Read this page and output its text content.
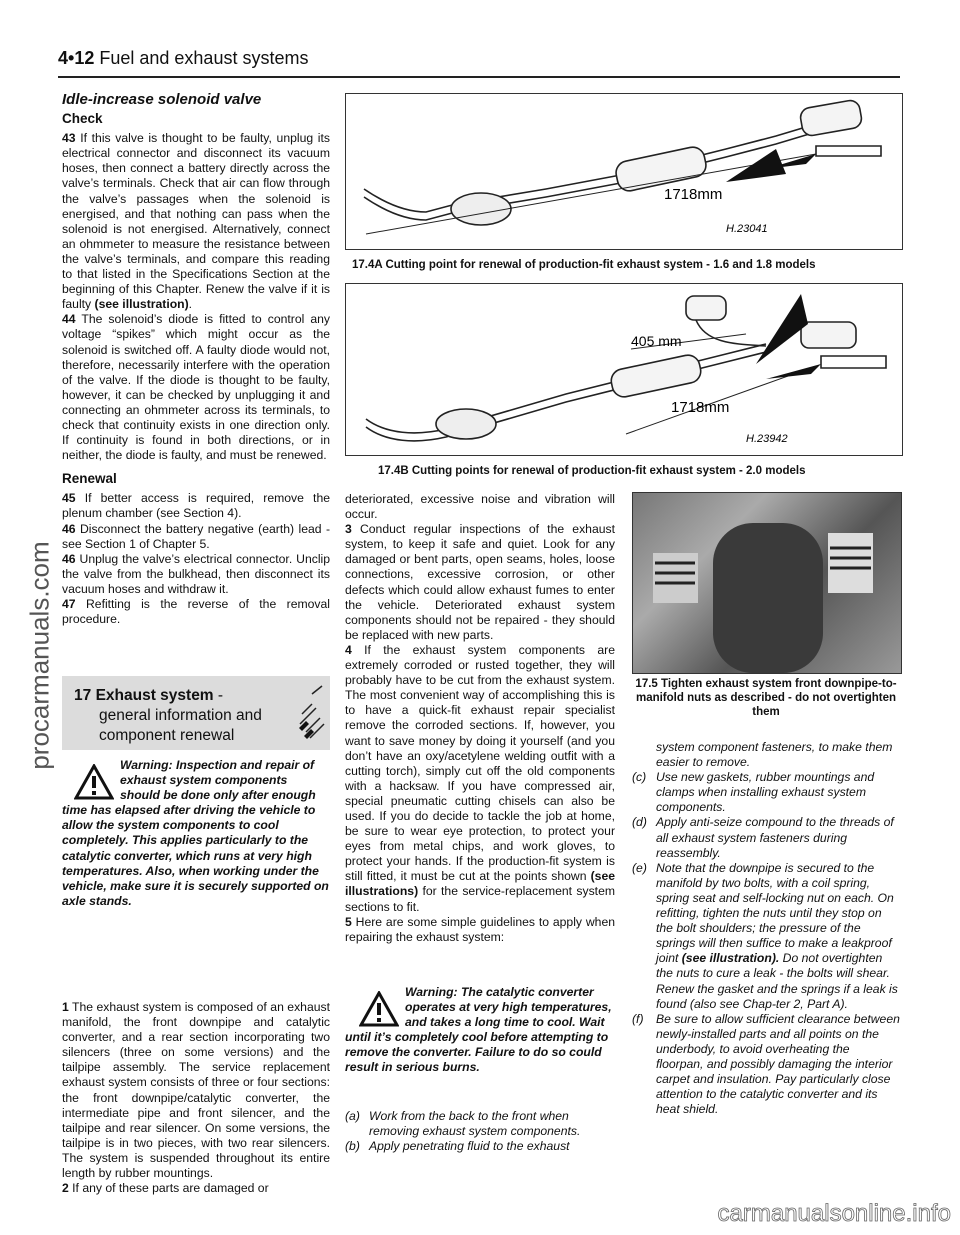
4•12 Fuel and exhaust systems
Idle-increase solenoid valve
Check

43 If this valve is thought to be faulty, unplug its electrical connector and disconnect its vacuum hoses, then connect a battery directly across the valve’s terminals. Check that air can flow through the valve’s passages when the solenoid is energised, and that nothing can pass when the solenoid is not energised. Alternatively, connect an ohmmeter to measure the resistance between the valve’s terminals, and compare this reading to that listed in the Specifications Section at the beginning of this Chapter. Renew the valve if it is faulty (see illustration).

44 The solenoid’s diode is fitted to control any voltage “spikes” which might occur as the solenoid is switched off. A faulty diode would not, therefore, necessarily interfere with the operation of the valve. If the diode is thought to be faulty, however, it can be checked by unplugging it and connecting an ohmmeter across its terminals, to check that continuity exists in one direction only. If continuity is found in both directions, or in neither, the diode is faulty, and must be renewed.

Renewal

45 If better access is required, remove the plenum chamber (see Section 4).

46 Disconnect the battery negative (earth) lead - see Section 1 of Chapter 5.

46 Unplug the valve’s electrical connector. Unclip the valve from the bulkhead, then disconnect its vacuum hoses and withdraw it.

47 Refitting is the reverse of the removal procedure.

17 Exhaust system -
general information and
component renewal
Warning: Inspection and repair of exhaust system components should be done only after enough time has elapsed after driving the vehicle to allow the system components to cool completely. This applies particularly to the catalytic converter, which runs at very high temperatures. Also, when working under the vehicle, make sure it is securely supported on axle stands.

1 The exhaust system is composed of an exhaust manifold, the front downpipe and catalytic converter, and a rear section incorporating two silencers (three on some versions) and the tailpipe assembly. The service replacement exhaust system consists of three or four sections: the front downpipe/catalytic converter, the intermediate pipe and front silencer, and the tailpipe and rear silencer. On some versions, the tailpipe is in two pieces, with two rear silencers. The system is suspended throughout its entire length by rubber mountings.

2 If any of these parts are damaged or

1718mm
H.23041
17.4A Cutting point for renewal of production-fit exhaust system - 1.6 and 1.8 models
405 mm
1718mm
H.23942
17.4B Cutting points for renewal of production-fit exhaust system - 2.0 models

deteriorated, excessive noise and vibration will occur.

3 Conduct regular inspections of the exhaust system, to keep it safe and quiet. Look for any damaged or bent parts, open seams, holes, loose connections, excessive corrosion, or other defects which could allow exhaust fumes to enter the vehicle. Deteriorated exhaust system components should not be repaired - they should be replaced with new parts.

4 If the exhaust system components are extremely corroded or rusted together, they will probably have to be cut from the exhaust system. The most convenient way of accomplishing this is to have a quick-fit exhaust repair specialist remove the corroded sections. If, however, you want to save money by doing it yourself (and you don’t have an oxy/acetylene welding outfit with a cutting torch), simply cut off the old components with a hacksaw. If you have compressed air, special pneumatic cutting chisels can also be used. If you do decide to tackle the job at home, be sure to wear eye protection, to protect your eyes from metal chips, and work gloves, to protect your hands. If the production-fit system is still fitted, it must be cut at the points shown (see illustrations) for the service-replacement system sections to fit.

5 Here are some simple guidelines to apply when repairing the exhaust system:

Warning: The catalytic converter operates at very high temperatures, and takes a long time to cool. Wait until it’s completely cool before attempting to remove the converter. Failure to do so could result in serious burns.
(a) Work from the back to the front when removing exhaust system components.
(b) Apply penetrating fluid to the exhaust
17.5 Tighten exhaust system front downpipe-to-manifold nuts as described - do not overtighten them
system component fasteners, to make them easier to remove.
(c) Use new gaskets, rubber mountings and clamps when installing exhaust system components.
(d) Apply anti-seize compound to the threads of all exhaust system fasteners during reassembly.
(e) Note that the downpipe is secured to the manifold by two bolts, with a coil spring, spring seat and self-locking nut on each. On refitting, tighten the nuts until they stop on the bolt shoulders; the pressure of the springs will then suffice to make a leakproof joint (see illustration). Do not overtighten the nuts to cure a leak - the bolts will shear. Renew the gasket and the springs if a leak is found (also see Chap-ter 2, Part A).
(f) Be sure to allow sufficient clearance between newly-installed parts and all points on the underbody, to avoid overheating the floorpan, and possibly damaging the interior carpet and insulation. Pay particularly close attention to the catalytic converter and its heat shield.
procarmanuals.com
carmanualsonline.info
